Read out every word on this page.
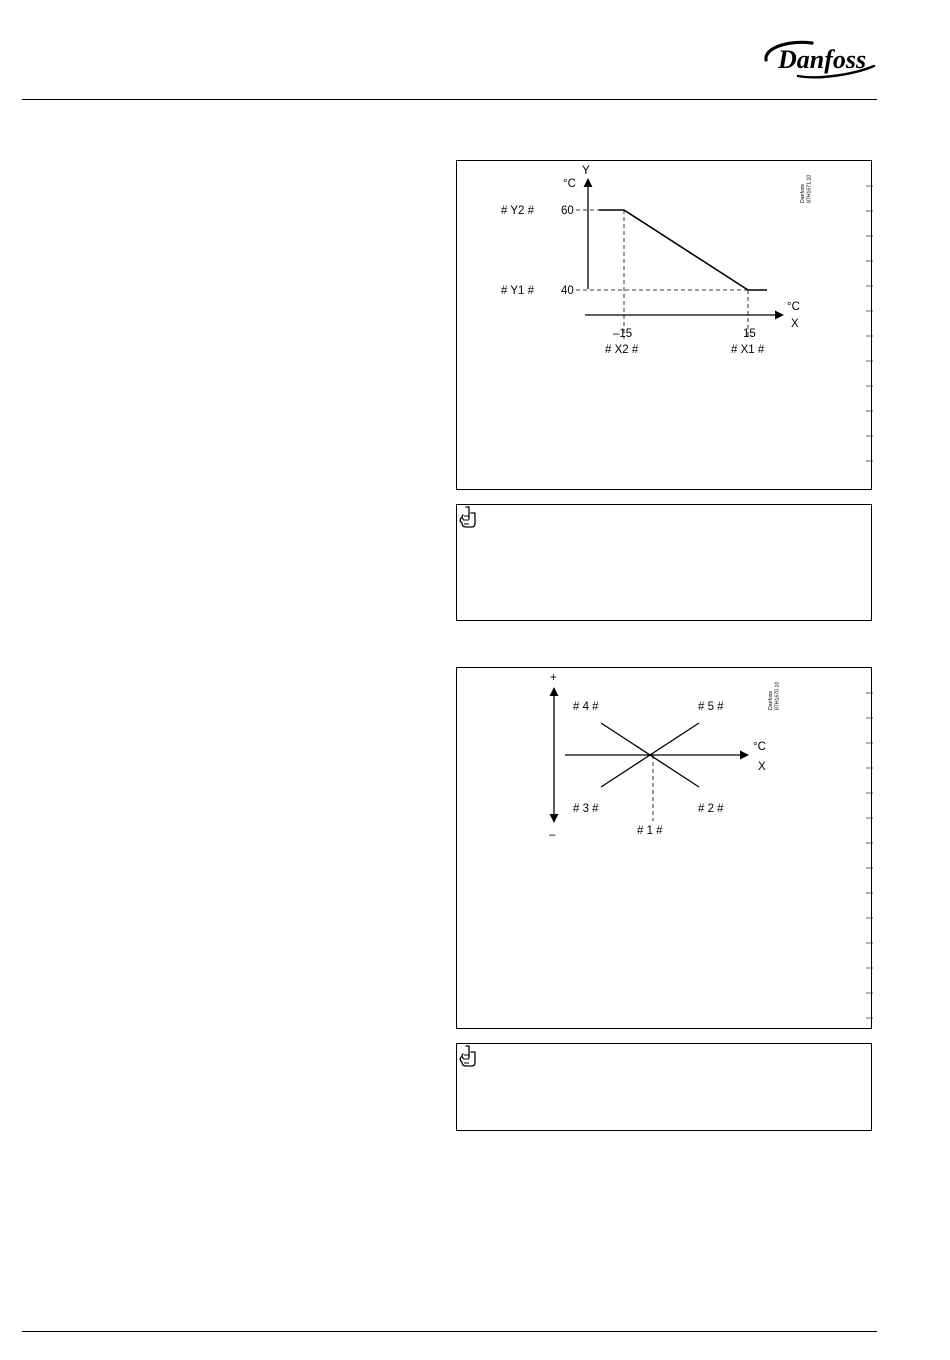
Danfoss
Y
°C
# Y2 # 60
# Y1 # 40
°C
X
–15	15
# X2 #	# X1 #
Danfoss 87H1671.10
+
–
# 4 #	# 5 #
# 3 #	# 2 #
# 1 #
°C
X
Danfoss 87H1670.10
